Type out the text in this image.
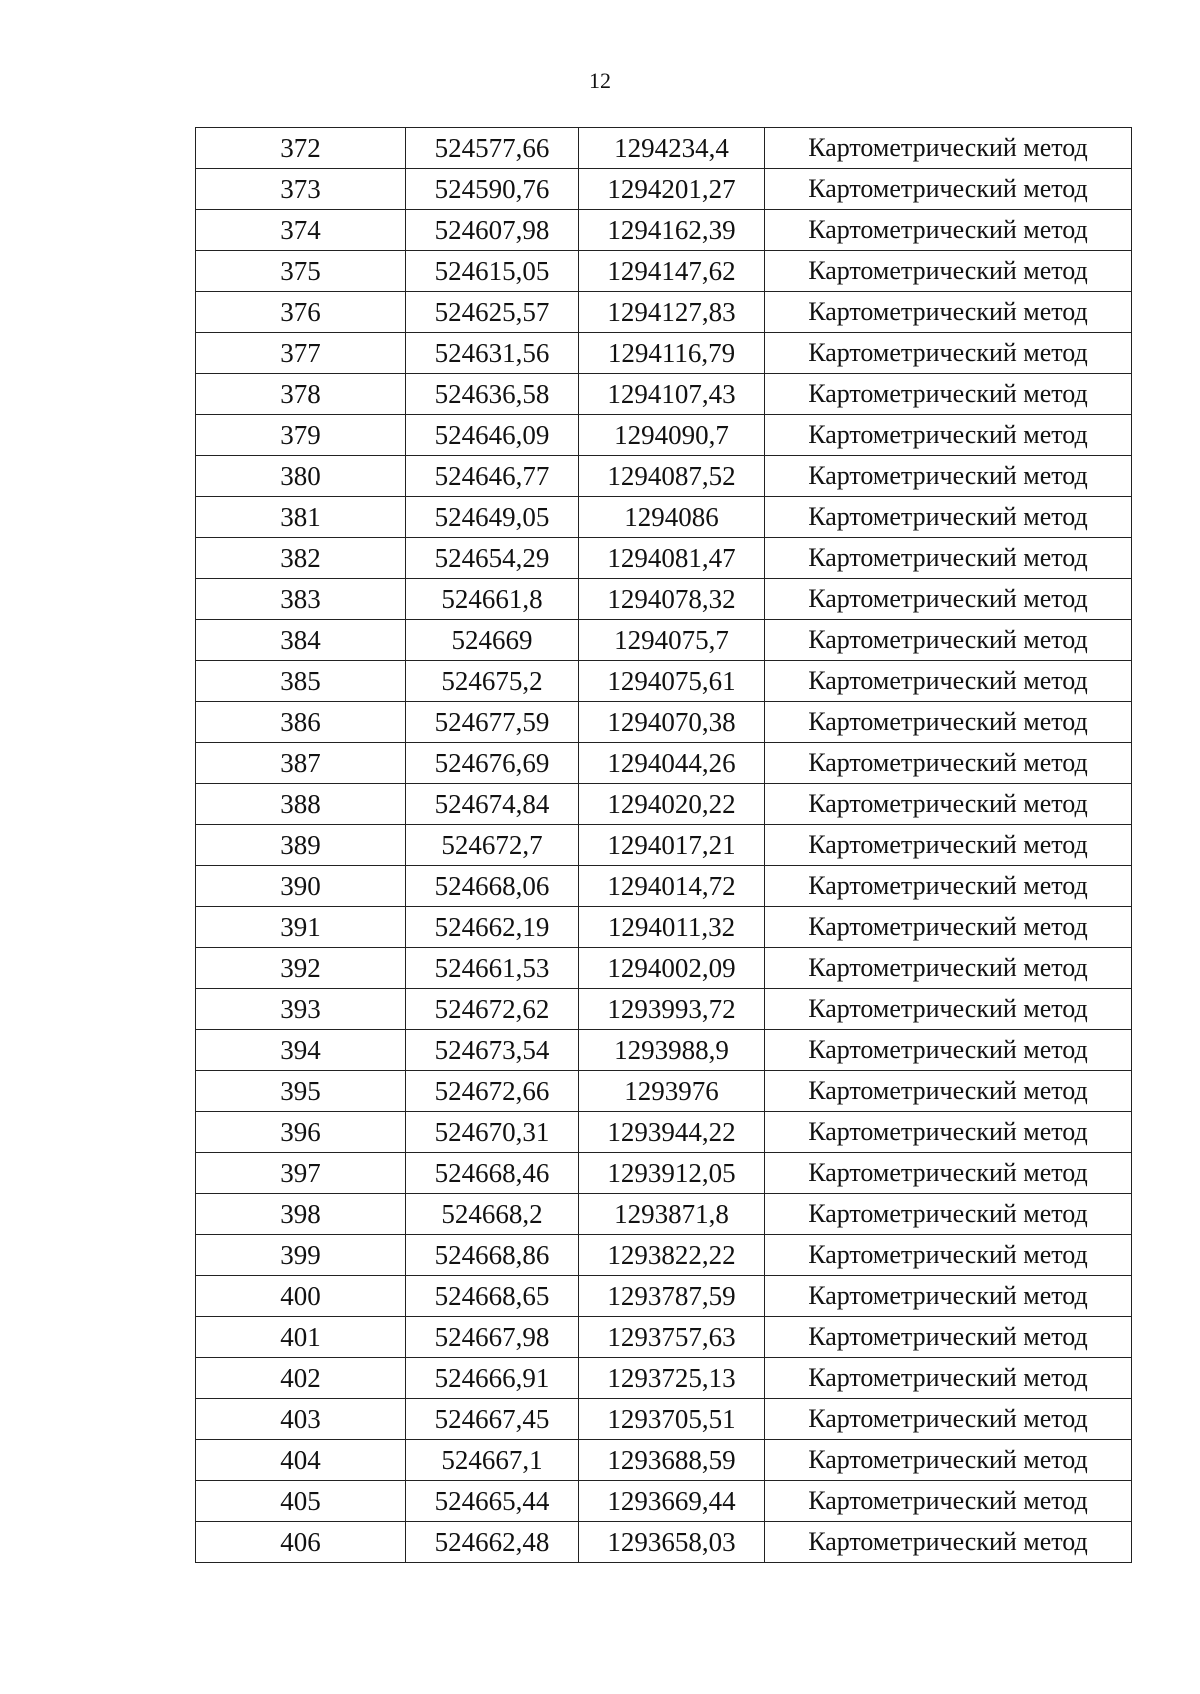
12
372	524577,66	1294234,4	Картометрический метод
373	524590,76	1294201,27	Картометрический метод
374	524607,98	1294162,39	Картометрический метод
375	524615,05	1294147,62	Картометрический метод
376	524625,57	1294127,83	Картометрический метод
377	524631,56	1294116,79	Картометрический метод
378	524636,58	1294107,43	Картометрический метод
379	524646,09	1294090,7	Картометрический метод
380	524646,77	1294087,52	Картометрический метод
381	524649,05	1294086	Картометрический метод
382	524654,29	1294081,47	Картометрический метод
383	524661,8	1294078,32	Картометрический метод
384	524669	1294075,7	Картометрический метод
385	524675,2	1294075,61	Картометрический метод
386	524677,59	1294070,38	Картометрический метод
387	524676,69	1294044,26	Картометрический метод
388	524674,84	1294020,22	Картометрический метод
389	524672,7	1294017,21	Картометрический метод
390	524668,06	1294014,72	Картометрический метод
391	524662,19	1294011,32	Картометрический метод
392	524661,53	1294002,09	Картометрический метод
393	524672,62	1293993,72	Картометрический метод
394	524673,54	1293988,9	Картометрический метод
395	524672,66	1293976	Картометрический метод
396	524670,31	1293944,22	Картометрический метод
397	524668,46	1293912,05	Картометрический метод
398	524668,2	1293871,8	Картометрический метод
399	524668,86	1293822,22	Картометрический метод
400	524668,65	1293787,59	Картометрический метод
401	524667,98	1293757,63	Картометрический метод
402	524666,91	1293725,13	Картометрический метод
403	524667,45	1293705,51	Картометрический метод
404	524667,1	1293688,59	Картометрический метод
405	524665,44	1293669,44	Картометрический метод
406	524662,48	1293658,03	Картометрический метод
